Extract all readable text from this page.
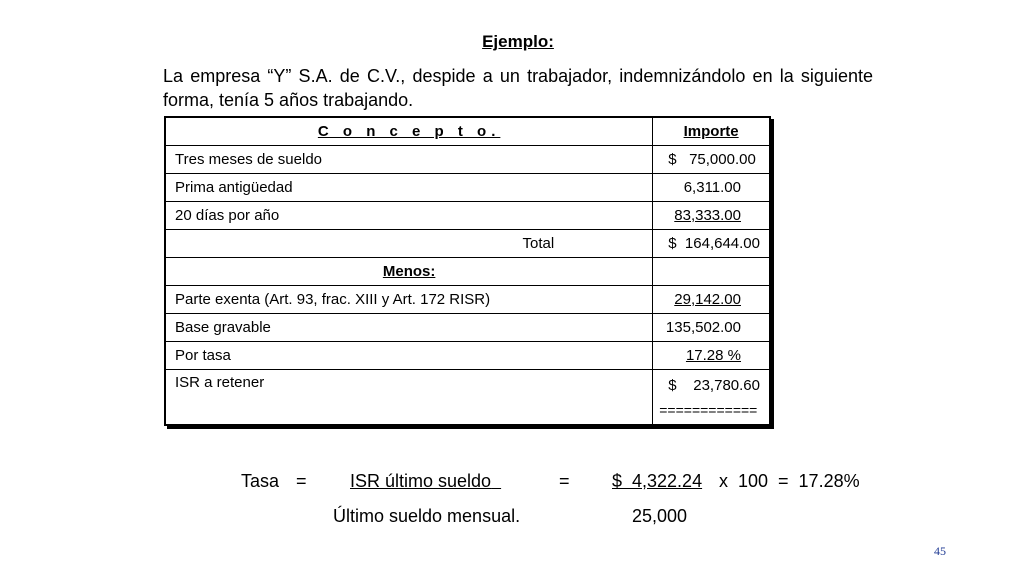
Ejemplo:
La empresa “Y” S.A. de C.V., despide a un trabajador, indemnizándolo en la siguiente forma, tenía 5 años trabajando.
C o n c e p t o.	Importe
Tres meses de sueldo	$   75,000.00
Prima antigüedad	6,311.00
20 días por año	83,333.00
Total	$  164,644.00
Menos:	
Parte exenta (Art. 93, frac. XIII y Art. 172 RISR)	29,142.00
Base gravable	135,502.00
Por tasa	17.28 %
ISR a retener	$    23,780.60
============
Tasa = ISR último sueldo	= $  4,322.24 x  100  =  17.28%
Último sueldo mensual.	25,000
45
